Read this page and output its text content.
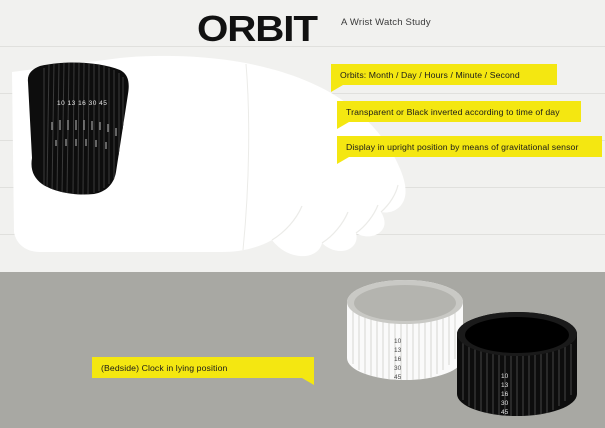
10 13 16 30 45
ORBIT	A Wrist Watch Study
Orbits: Month / Day / Hours / Minute / Second
Transparent or Black inverted according to time of day
Display in upright position by means of gravitational sensor
(Bedside) Clock in lying position
10
13
16
30
45	10
13
16
30
45
